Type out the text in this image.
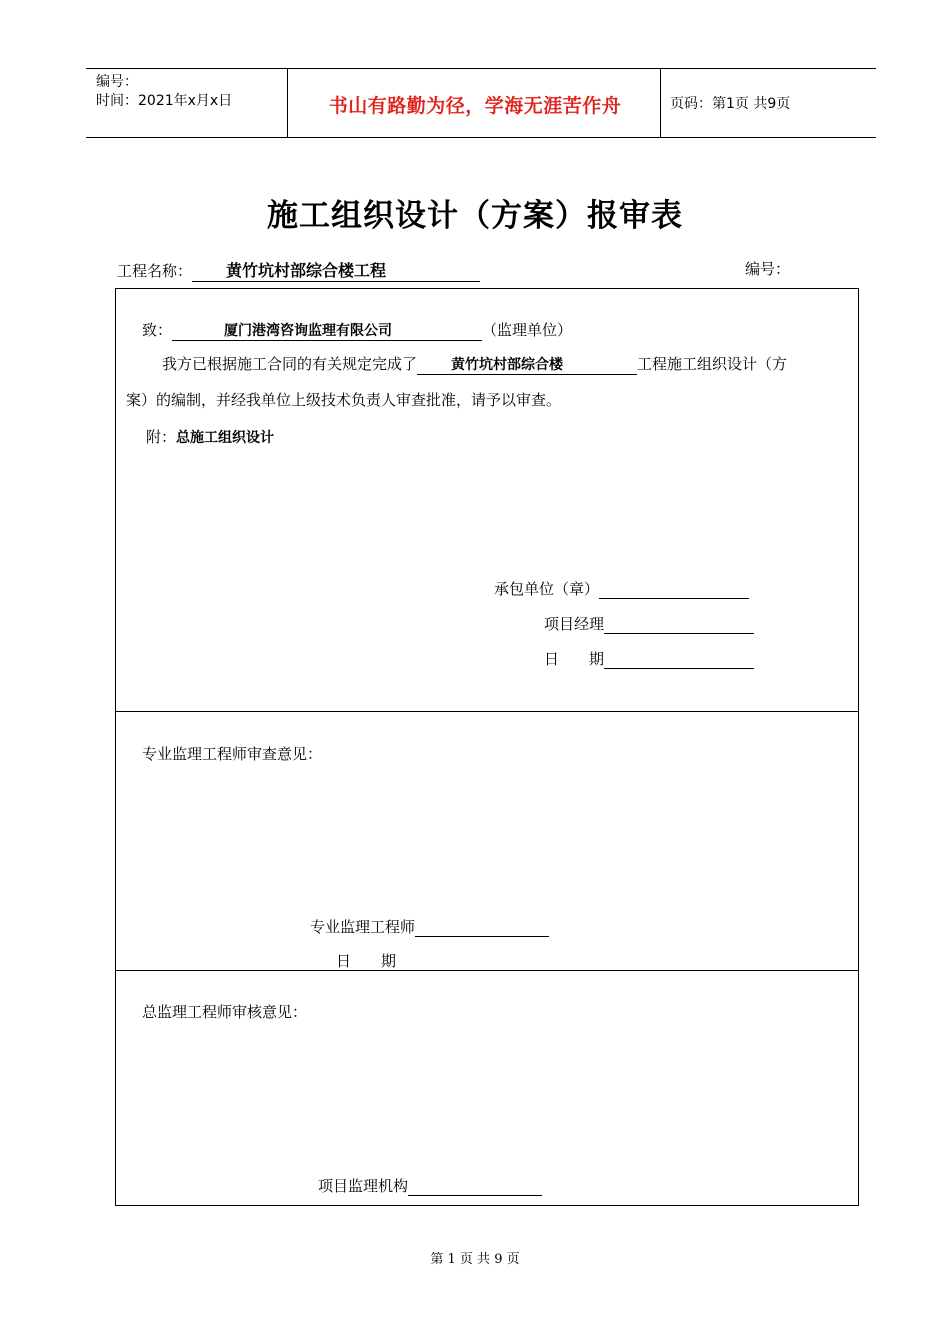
编号：
时间：2021年x月x日	书山有路勤为径，学海无涯苦作舟	页码：第1页 共9页
施工组织设计（方案）报审表
工程名称： 黄竹坑村部综合楼工程	编号：
致：	厦门港湾咨询监理有限公司	（监理单位）
我方已根据施工合同的有关规定完成了 黄竹坑村部综合楼	工程施工组织设计（方
案）的编制，并经我单位上级技术负责人审查批准，请予以审查。
附：总施工组织设计
承包单位（章）
项目经理
日　　期
专业监理工程师审查意见：
专业监理工程师
日　　期
总监理工程师审核意见：
项目监理机构
第 1 页 共 9 页
